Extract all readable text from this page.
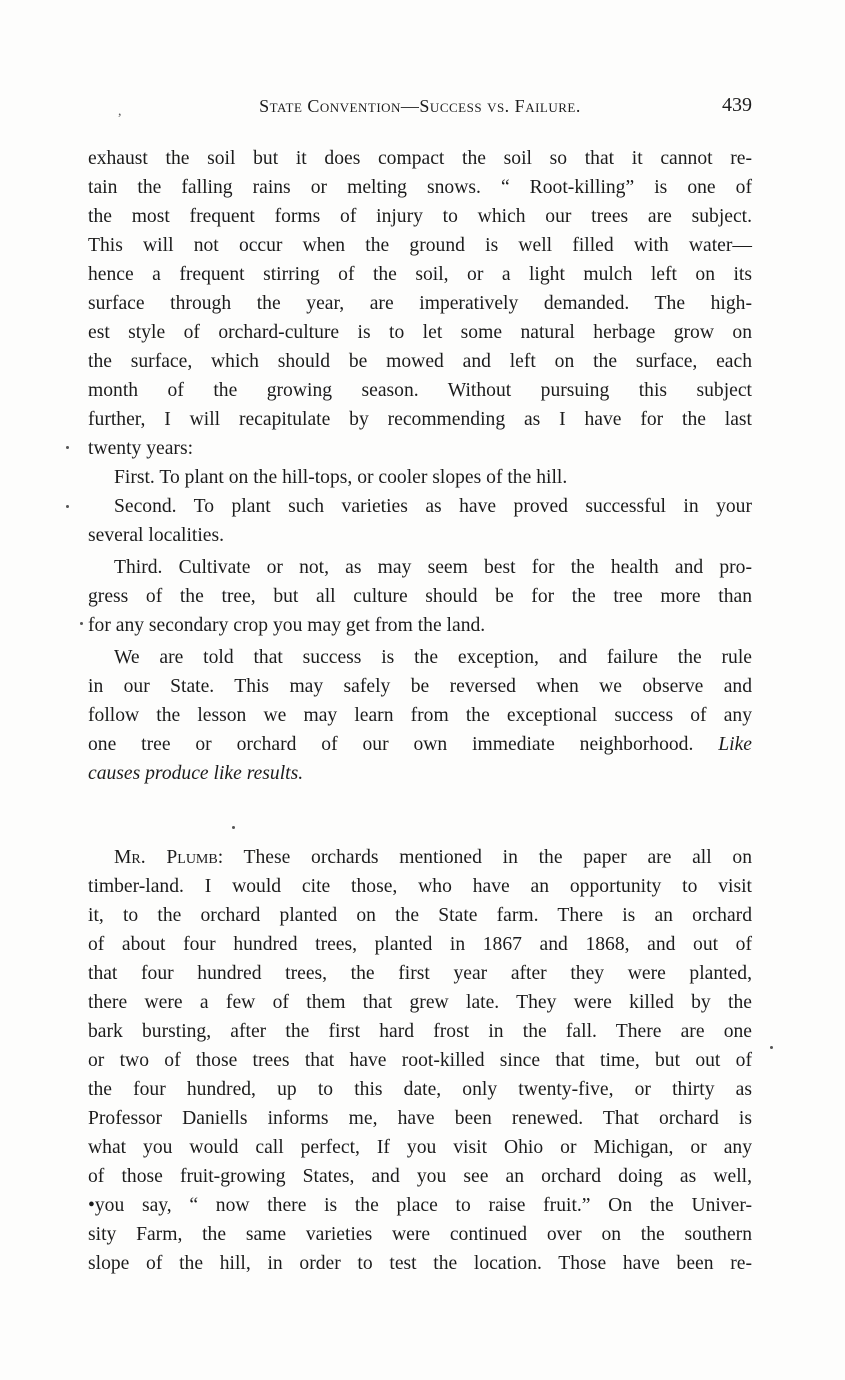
,	State Convention—Success vs. Failure.	439
exhaust the soil but it does compact the soil so that it cannot re-
tain the falling rains or melting snows. “ Root-killing” is one of
the most frequent forms of injury to which our trees are subject.
This will not occur when the ground is well filled with water—
hence a frequent stirring of the soil, or a light mulch left on its
surface through the year, are imperatively demanded. The high-
est style of orchard-culture is to let some natural herbage grow on
the surface, which should be mowed and left on the surface, each
month of the growing season. Without pursuing this subject
further, I will recapitulate by recommending as I have for the last
twenty years:
First. To plant on the hill-tops, or cooler slopes of the hill.
Second. To plant such varieties as have proved successful in your
several localities.
Third. Cultivate or not, as may seem best for the health and pro-
gress of the tree, but all culture should be for the tree more than
for any secondary crop you may get from the land.
We are told that success is the exception, and failure the rule
in our State. This may safely be reversed when we observe and
follow the lesson we may learn from the exceptional success of any
one tree or orchard of our own immediate neighborhood. Like
causes produce like results.
Mr. Plumb: These orchards mentioned in the paper are all on
timber-land. I would cite those, who have an opportunity to visit
it, to the orchard planted on the State farm. There is an orchard
of about four hundred trees, planted in 1867 and 1868, and out of
that four hundred trees, the first year after they were planted,
there were a few of them that grew late. They were killed by the
bark bursting, after the first hard frost in the fall. There are one
or two of those trees that have root-killed since that time, but out of
the four hundred, up to this date, only twenty-five, or thirty as
Professor Daniells informs me, have been renewed. That orchard is
what you would call perfect, If you visit Ohio or Michigan, or any
of those fruit-growing States, and you see an orchard doing as well,
•you say, “ now there is the place to raise fruit.” On the Univer-
sity Farm, the same varieties were continued over on the southern
slope of the hill, in order to test the location. Those have been re-
